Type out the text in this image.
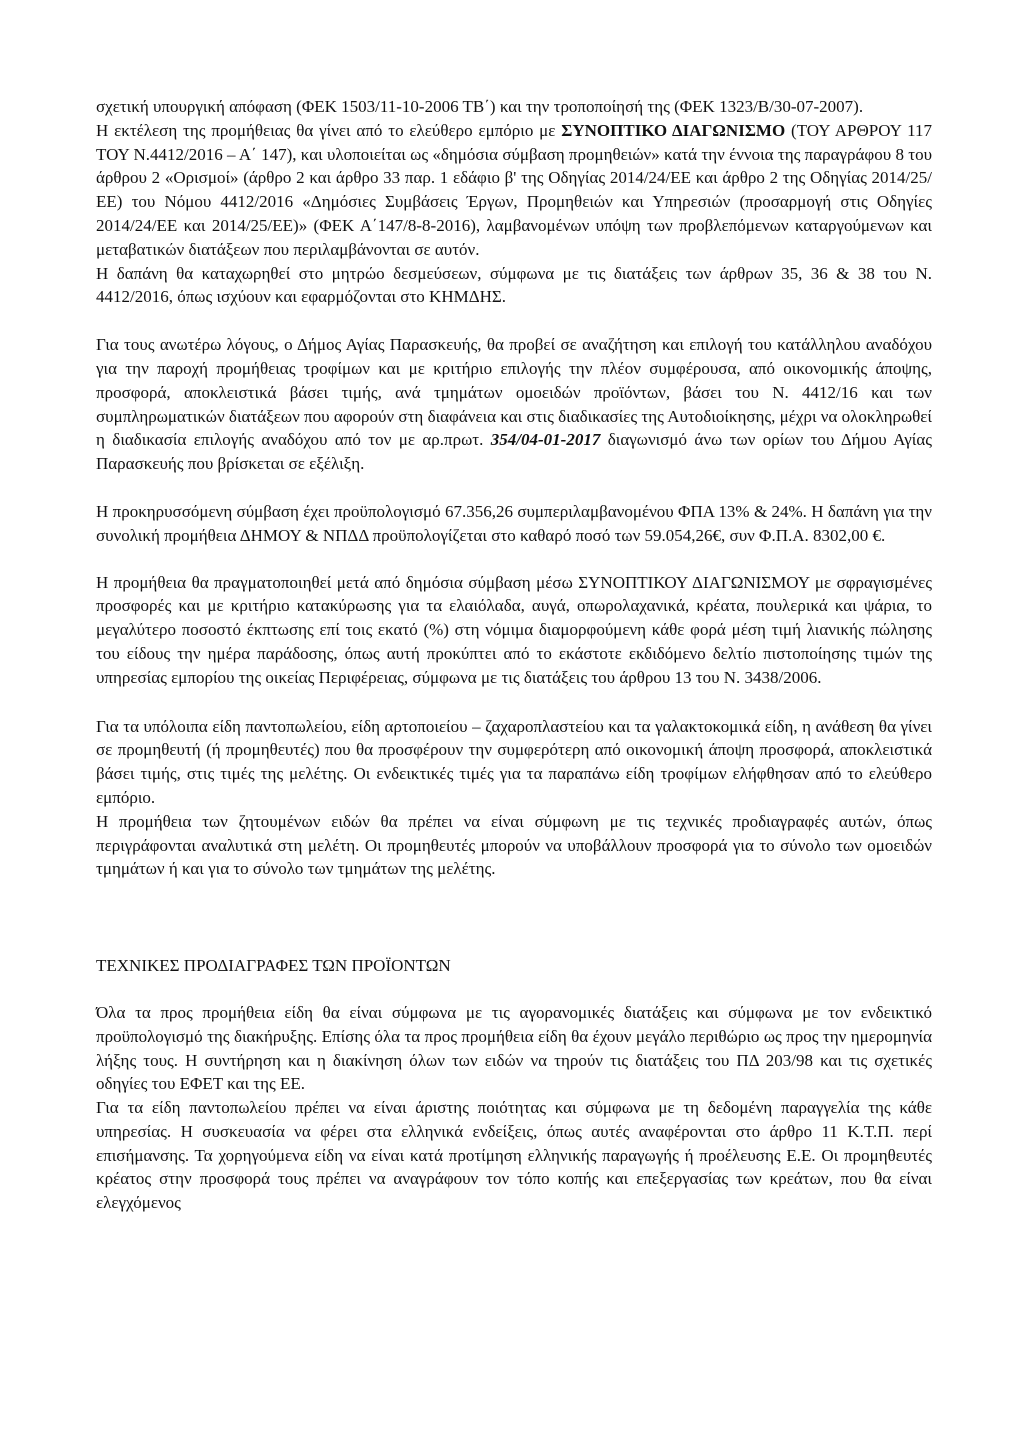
σχετική υπουργική απόφαση (ΦΕΚ 1503/11-10-2006 ΤΒ΄) και την τροποποίησή της (ΦΕΚ 1323/Β/30-07-2007).

Η εκτέλεση της προμήθειας θα γίνει από το ελεύθερο εμπόριο με ΣΥΝΟΠΤΙΚΟ ΔΙΑΓΩΝΙΣΜΟ (ΤΟΥ ΑΡΘΡΟΥ 117 ΤΟΥ Ν.4412/2016 – Α΄ 147), και υλοποιείται ως «δημόσια σύμβαση προμηθειών» κατά την έννοια της παραγράφου 8 του άρθρου 2 «Ορισμοί» (άρθρο 2 και άρθρο 33 παρ. 1 εδάφιο β' της Οδηγίας 2014/24/ΕΕ και άρθρο 2 της Οδηγίας 2014/25/ΕΕ) του Νόμου 4412/2016 «Δημόσιες Συμβάσεις Έργων, Προμηθειών και Υπηρεσιών (προσαρμογή στις Οδηγίες 2014/24/ΕΕ και 2014/25/ΕΕ)» (ΦΕΚ Α΄147/8-8-2016), λαμβανομένων υπόψη των προβλεπόμενων καταργούμενων και μεταβατικών διατάξεων που περιλαμβάνονται σε αυτόν.

Η δαπάνη θα καταχωρηθεί στο μητρώο δεσμεύσεων, σύμφωνα με τις διατάξεις των άρθρων 35, 36 & 38 του Ν. 4412/2016, όπως ισχύουν και εφαρμόζονται στο ΚΗΜΔΗΣ.

Για τους ανωτέρω λόγους, ο Δήμος Αγίας Παρασκευής, θα προβεί σε αναζήτηση και επιλογή του κατάλληλου αναδόχου για την παροχή προμήθειας τροφίμων και με κριτήριο επιλογής την πλέον συμφέρουσα, από οικονομικής άποψης, προσφορά, αποκλειστικά βάσει τιμής, ανά τμημάτων ομοειδών προϊόντων, βάσει του Ν. 4412/16 και των συμπληρωματικών διατάξεων που αφορούν στη διαφάνεια και στις διαδικασίες της Αυτοδιοίκησης, μέχρι να ολοκληρωθεί η διαδικασία επιλογής αναδόχου από τον με αρ.πρωτ. 354/04-01-2017 διαγωνισμό άνω των ορίων του Δήμου Αγίας Παρασκευής που βρίσκεται σε εξέλιξη.

Η προκηρυσσόμενη σύμβαση έχει προϋπολογισμό 67.356,26 συμπεριλαμβανομένου ΦΠΑ 13% & 24%. Η δαπάνη για την συνολική προμήθεια ΔΗΜΟΥ & ΝΠΔΔ προϋπολογίζεται στο καθαρό ποσό των 59.054,26€, συν Φ.Π.Α. 8302,00 €.

Η προμήθεια θα πραγματοποιηθεί μετά από δημόσια σύμβαση μέσω ΣΥΝΟΠΤΙΚΟΥ ΔΙΑΓΩΝΙΣΜΟΥ με σφραγισμένες προσφορές και με κριτήριο κατακύρωσης για τα ελαιόλαδα, αυγά, οπωρολαχανικά, κρέατα, πουλερικά και ψάρια, το μεγαλύτερο ποσοστό έκπτωσης επί τοις εκατό (%) στη νόμιμα διαμορφούμενη κάθε φορά μέση τιμή λιανικής πώλησης του είδους την ημέρα παράδοσης, όπως αυτή προκύπτει από το εκάστοτε εκδιδόμενο δελτίο πιστοποίησης τιμών της υπηρεσίας εμπορίου της οικείας Περιφέρειας, σύμφωνα με τις διατάξεις του άρθρου 13 του Ν. 3438/2006.

Για τα υπόλοιπα είδη παντοπωλείου, είδη αρτοποιείου – ζαχαροπλαστείου και τα γαλακτοκομικά είδη, η ανάθεση θα γίνει σε προμηθευτή (ή προμηθευτές) που θα προσφέρουν την συμφερότερη από οικονομική άποψη προσφορά, αποκλειστικά βάσει τιμής, στις τιμές της μελέτης. Οι ενδεικτικές τιμές για τα παραπάνω είδη τροφίμων ελήφθησαν από το ελεύθερο εμπόριο.

Η προμήθεια των ζητουμένων ειδών θα πρέπει να είναι σύμφωνη με τις τεχνικές προδιαγραφές αυτών, όπως περιγράφονται αναλυτικά στη μελέτη. Οι προμηθευτές μπορούν να υποβάλλουν προσφορά για το σύνολο των ομοειδών τμημάτων ή και για το σύνολο των τμημάτων της μελέτης.

ΤΕΧΝΙΚΕΣ ΠΡΟΔΙΑΓΡΑΦΕΣ ΤΩΝ ΠΡΟΪΟΝΤΩΝ

Όλα τα προς προμήθεια είδη θα είναι σύμφωνα με τις αγορανομικές διατάξεις και σύμφωνα με τον ενδεικτικό προϋπολογισμό της διακήρυξης. Επίσης όλα τα προς προμήθεια είδη θα έχουν μεγάλο περιθώριο ως προς την ημερομηνία λήξης τους. Η συντήρηση και η διακίνηση όλων των ειδών να τηρούν τις διατάξεις του ΠΔ 203/98 και τις σχετικές οδηγίες του ΕΦΕΤ και της ΕΕ.

Για τα είδη παντοπωλείου πρέπει να είναι άριστης ποιότητας και σύμφωνα με τη δεδομένη παραγγελία της κάθε υπηρεσίας. Η συσκευασία να φέρει στα ελληνικά ενδείξεις, όπως αυτές αναφέρονται στο άρθρο 11 Κ.Τ.Π. περί επισήμανσης. Τα χορηγούμενα είδη να είναι κατά προτίμηση ελληνικής παραγωγής ή προέλευσης Ε.Ε. Οι προμηθευτές κρέατος στην προσφορά τους πρέπει να αναγράφουν τον τόπο κοπής και επεξεργασίας των κρεάτων, που θα είναι ελεγχόμενος
